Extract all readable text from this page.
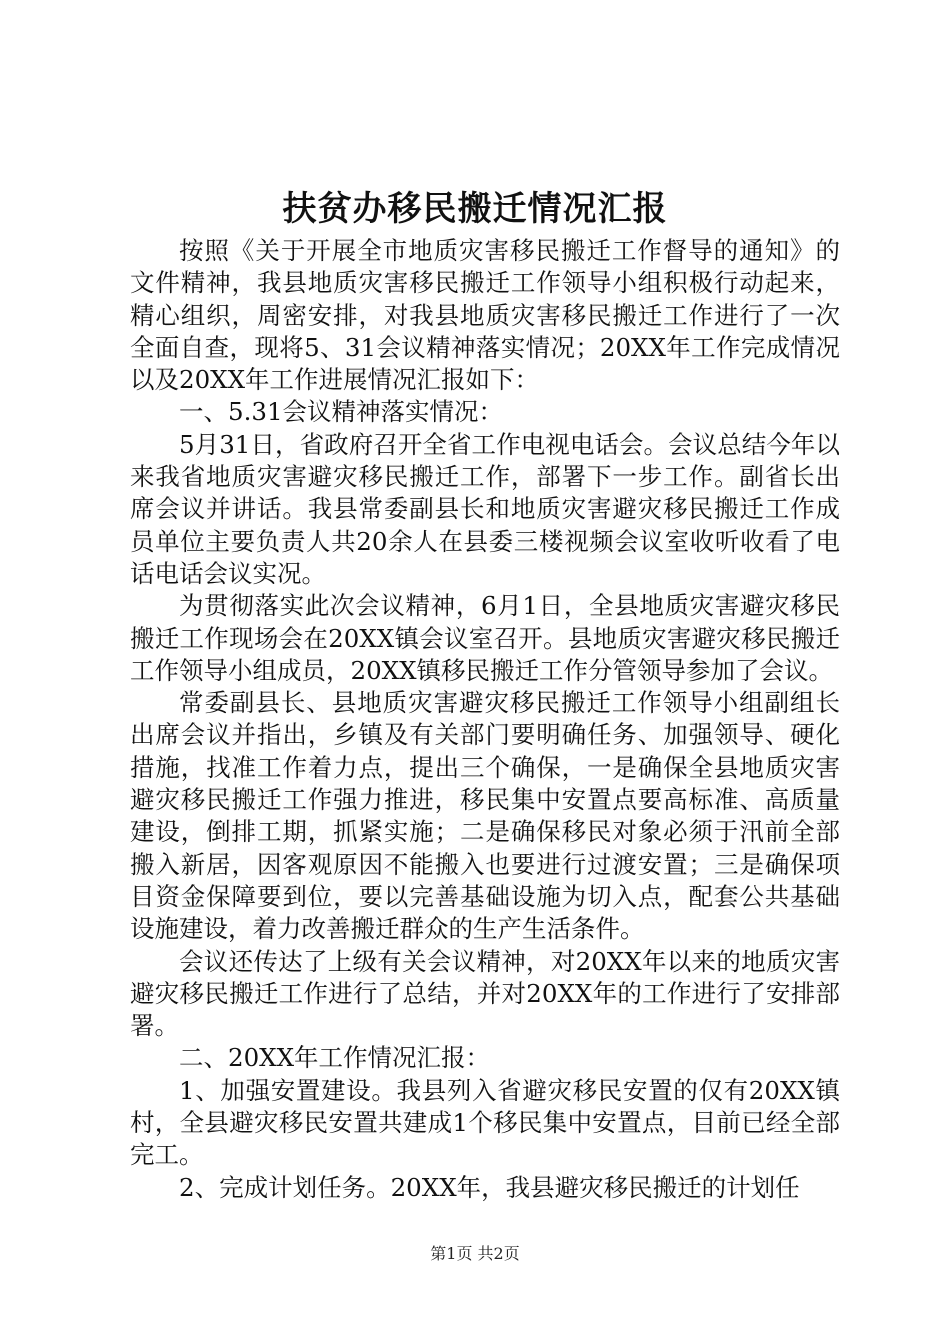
扶贫办移民搬迁情况汇报

按照《关于开展全市地质灾害移民搬迁工作督导的通知》的文件精神，我县地质灾害移民搬迁工作领导小组积极行动起来，精心组织，周密安排，对我县地质灾害移民搬迁工作进行了一次全面自查，现将5、31会议精神落实情况；20XX年工作完成情况以及20XX年工作进展情况汇报如下：

一、5.31会议精神落实情况：

5月31日，省政府召开全省工作电视电话会。会议总结今年以来我省地质灾害避灾移民搬迁工作，部署下一步工作。副省长出席会议并讲话。我县常委副县长和地质灾害避灾移民搬迁工作成员单位主要负责人共20余人在县委三楼视频会议室收听收看了电话电话会议实况。

为贯彻落实此次会议精神，6月1日，全县地质灾害避灾移民搬迁工作现场会在20XX镇会议室召开。县地质灾害避灾移民搬迁工作领导小组成员，20XX镇移民搬迁工作分管领导参加了会议。

常委副县长、县地质灾害避灾移民搬迁工作领导小组副组长出席会议并指出，乡镇及有关部门要明确任务、加强领导、硬化措施，找准工作着力点，提出三个确保，一是确保全县地质灾害避灾移民搬迁工作强力推进，移民集中安置点要高标准、高质量建设，倒排工期，抓紧实施；二是确保移民对象必须于汛前全部搬入新居，因客观原因不能搬入也要进行过渡安置；三是确保项目资金保障要到位，要以完善基础设施为切入点，配套公共基础设施建设，着力改善搬迁群众的生产生活条件。

会议还传达了上级有关会议精神，对20XX年以来的地质灾害避灾移民搬迁工作进行了总结，并对20XX年的工作进行了安排部署。

二、20XX年工作情况汇报：

1、加强安置建设。我县列入省避灾移民安置的仅有20XX镇村，全县避灾移民安置共建成1个移民集中安置点，目前已经全部完工。

2、完成计划任务。20XX年，我县避灾移民搬迁的计划任

第1页 共2页
